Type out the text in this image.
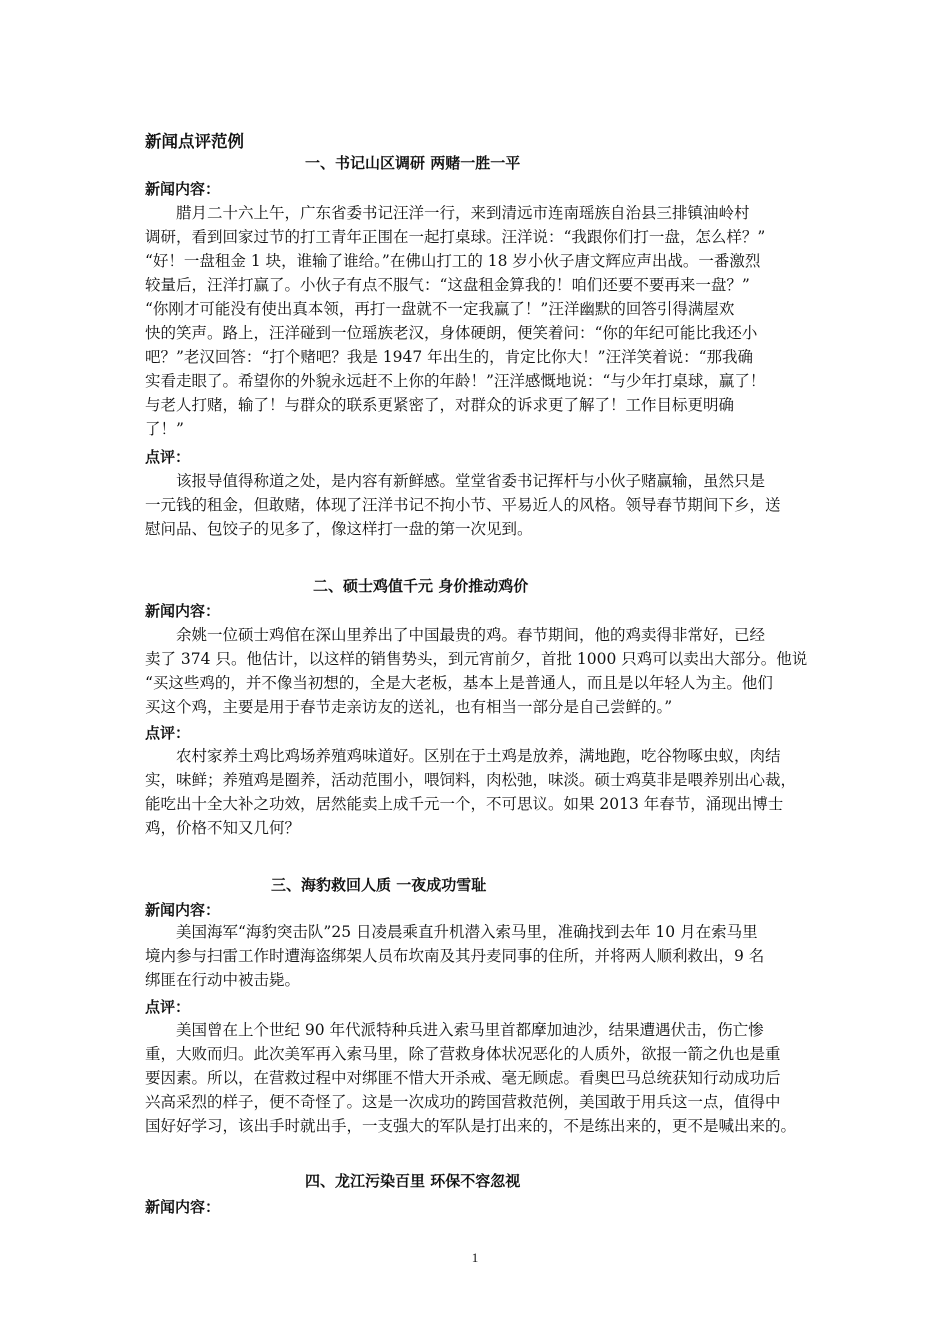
新闻点评范例
一、书记山区调研 两赌一胜一平
新闻内容：
　　腊月二十六上午，广东省委书记汪洋一行，来到清远市连南瑶族自治县三排镇油岭村
调研，看到回家过节的打工青年正围在一起打桌球。汪洋说：“我跟你们打一盘，怎么样？”
“好！一盘租金 1 块，谁输了谁给。”在佛山打工的 18 岁小伙子唐文辉应声出战。一番激烈
较量后，汪洋打赢了。小伙子有点不服气：“这盘租金算我的！咱们还要不要再来一盘？”
“你刚才可能没有使出真本领，再打一盘就不一定我赢了！”汪洋幽默的回答引得满屋欢
快的笑声。路上，汪洋碰到一位瑶族老汉，身体硬朗，便笑着问：“你的年纪可能比我还小
吧？”老汉回答：“打个赌吧？我是 1947 年出生的，肯定比你大！”汪洋笑着说：“那我确
实看走眼了。希望你的外貌永远赶不上你的年龄！”汪洋感慨地说：“与少年打桌球，赢了！
与老人打赌，输了！与群众的联系更紧密了，对群众的诉求更了解了！工作目标更明确
了！”
点评：
　　该报导值得称道之处，是内容有新鲜感。堂堂省委书记挥杆与小伙子赌赢输，虽然只是
一元钱的租金，但敢赌，体现了汪洋书记不拘小节、平易近人的风格。领导春节期间下乡，送
慰问品、包饺子的见多了，像这样打一盘的第一次见到。
二、硕士鸡值千元 身价推动鸡价
新闻内容：
　　余姚一位硕士鸡倌在深山里养出了中国最贵的鸡。春节期间，他的鸡卖得非常好，已经
卖了 374 只。他估计，以这样的销售势头，到元宵前夕，首批 1000 只鸡可以卖出大部分。他说
“买这些鸡的，并不像当初想的，全是大老板，基本上是普通人，而且是以年轻人为主。他们
买这个鸡，主要是用于春节走亲访友的送礼，也有相当一部分是自己尝鲜的。”
点评：
　　农村家养土鸡比鸡场养殖鸡味道好。区别在于土鸡是放养，满地跑，吃谷物啄虫蚁，肉结
实，味鲜；养殖鸡是圈养，活动范围小，喂饲料，肉松弛，味淡。硕士鸡莫非是喂养别出心裁，
能吃出十全大补之功效，居然能卖上成千元一个，不可思议。如果 2013 年春节，涌现出博士
鸡，价格不知又几何？
三、海豹救回人质 一夜成功雪耻
新闻内容：
　　美国海军“海豹突击队”25 日凌晨乘直升机潜入索马里，准确找到去年 10 月在索马里
境内参与扫雷工作时遭海盗绑架人员布坎南及其丹麦同事的住所，并将两人顺利救出，9 名
绑匪在行动中被击毙。
点评：
　　美国曾在上个世纪 90 年代派特种兵进入索马里首都摩加迪沙，结果遭遇伏击，伤亡惨
重，大败而归。此次美军再入索马里，除了营救身体状况恶化的人质外，欲报一箭之仇也是重
要因素。所以，在营救过程中对绑匪不惜大开杀戒、毫无顾虑。看奥巴马总统获知行动成功后
兴高采烈的样子，便不奇怪了。这是一次成功的跨国营救范例，美国敢于用兵这一点，值得中
国好好学习，该出手时就出手，一支强大的军队是打出来的，不是练出来的，更不是喊出来的。
四、龙江污染百里 环保不容忽视
新闻内容：
1
